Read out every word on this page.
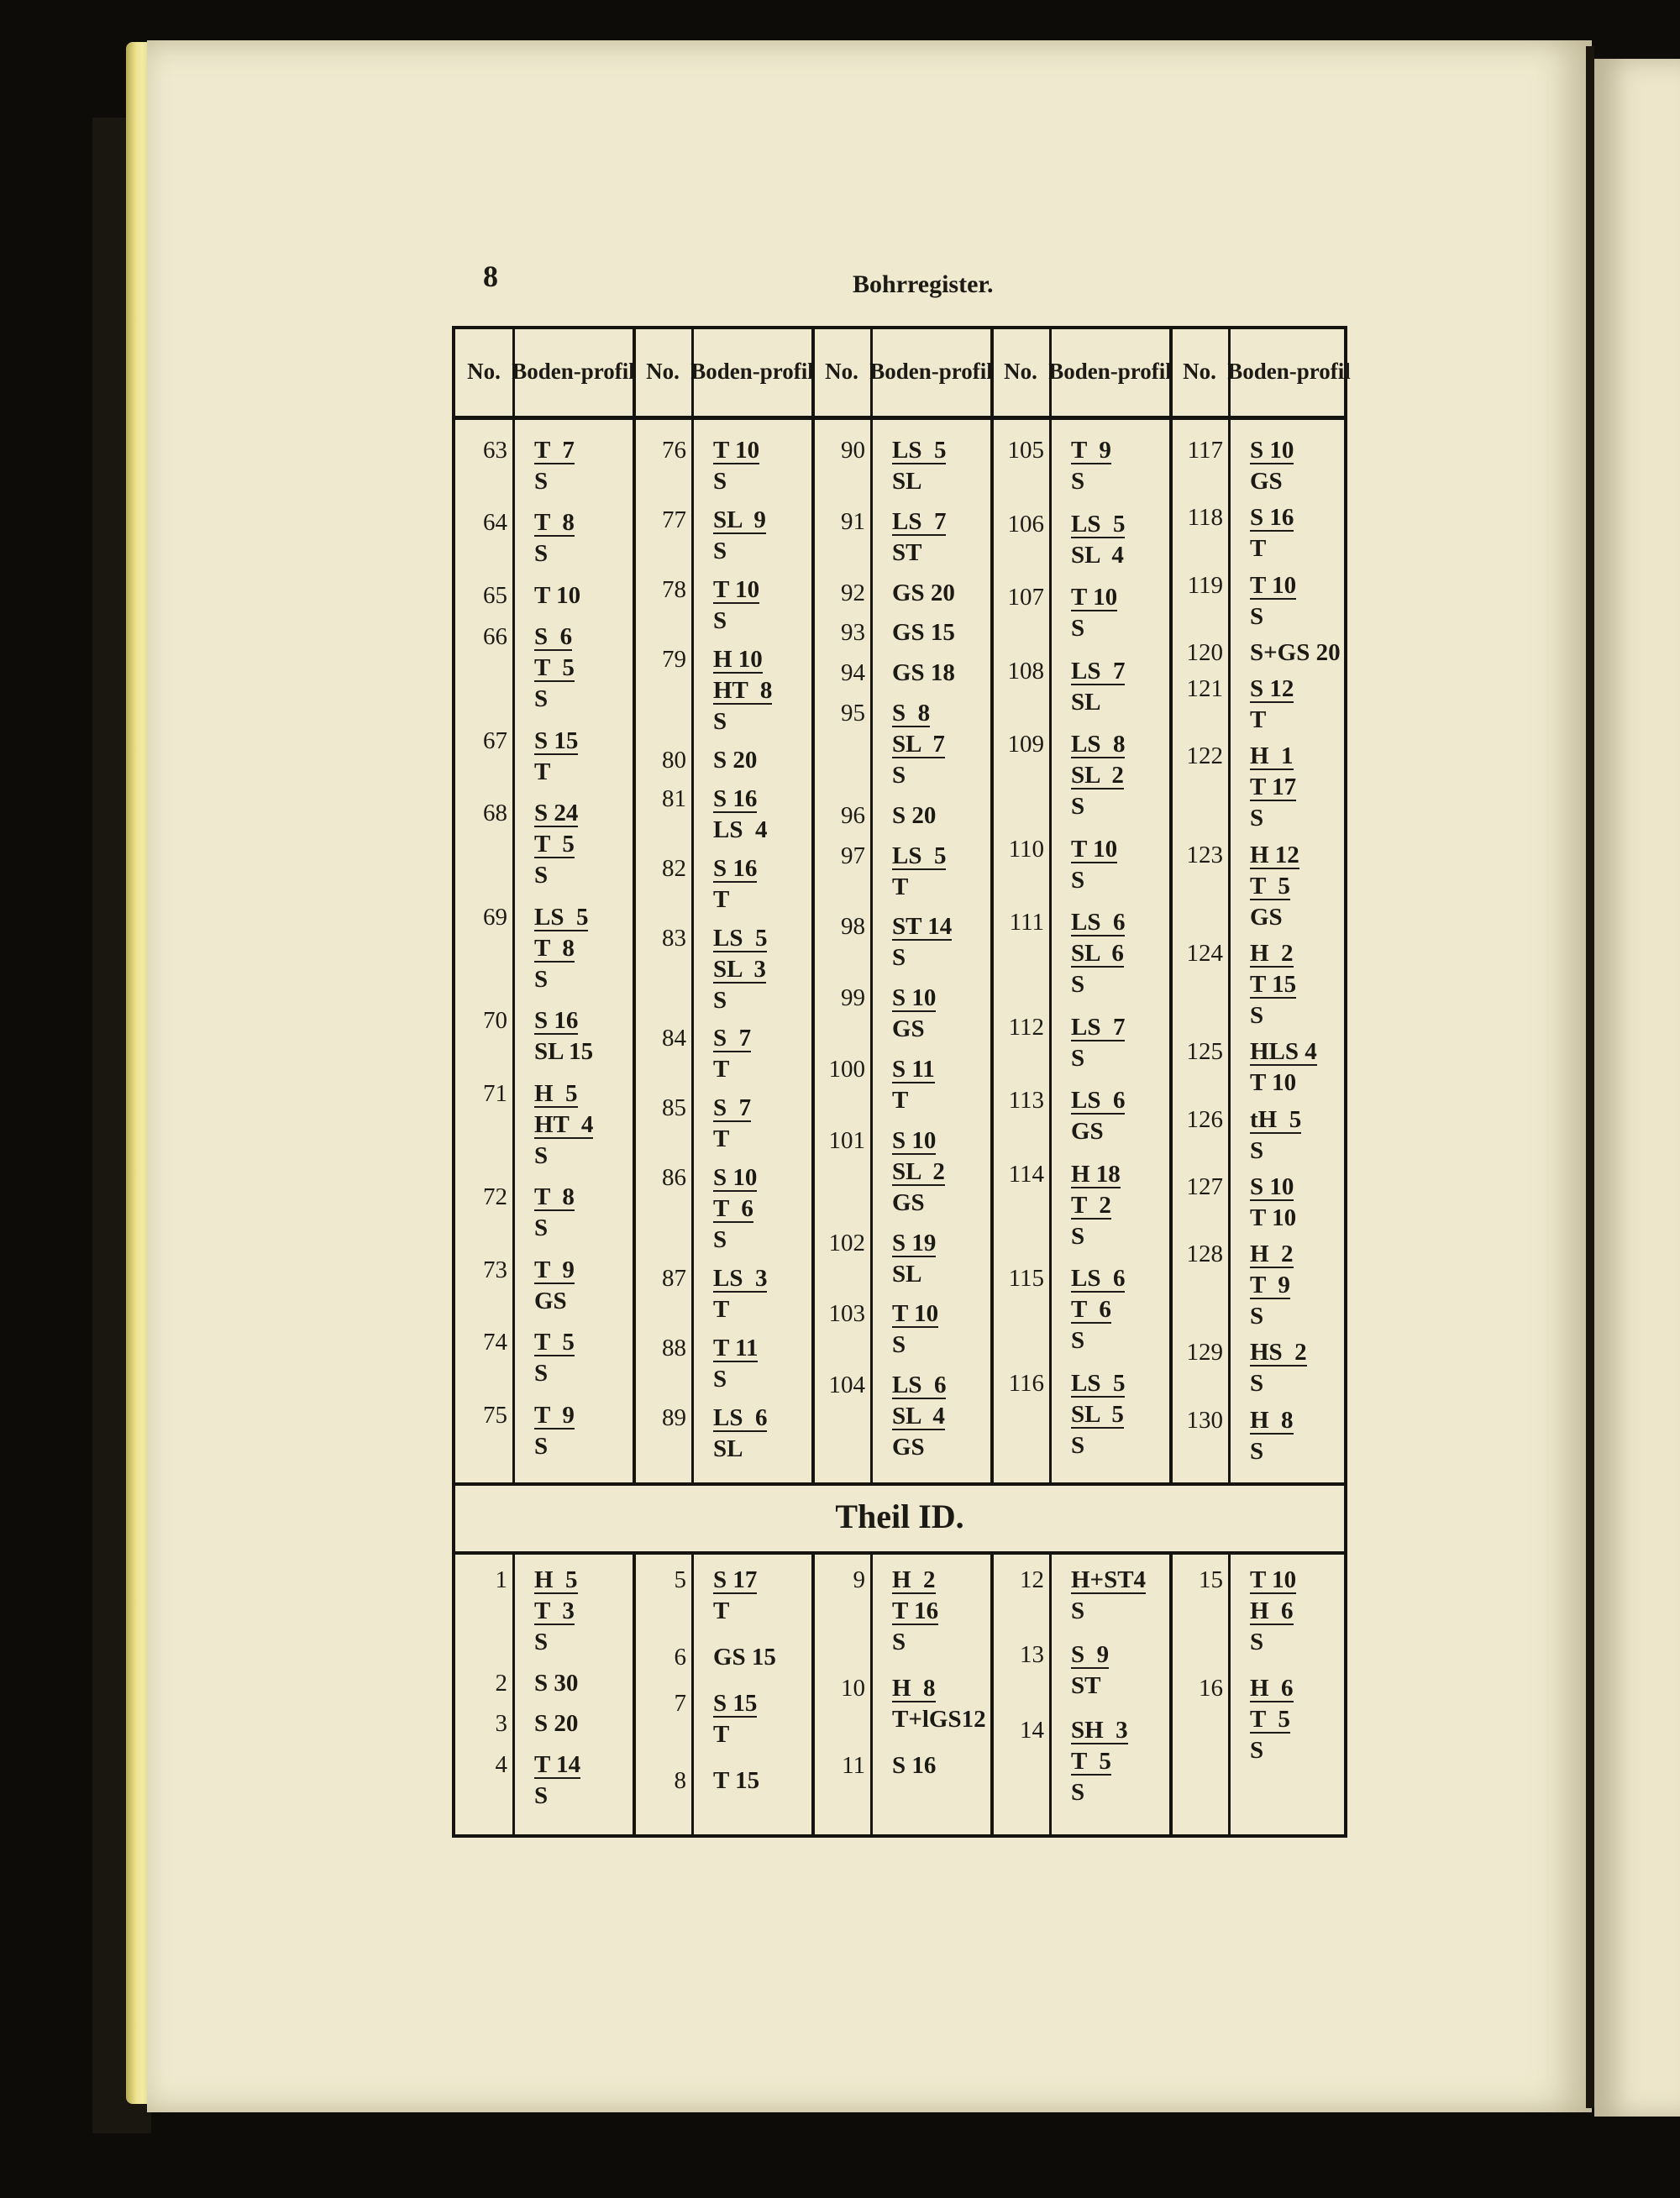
8	Bohrregister.
No. Boden- profil No. Boden- profil No. Boden- profil No. Boden- profil No. Boden- profil
Theil ID.
63 T  7
S
64 T  8
S
65 T 10
66 S  6
T  5
S
67 S 15
T
68 S 24
T  5
S
69 LS  5
T  8
S
70 S 16
SL 15
71 H  5
HT  4
S
72 T  8
S
73 T  9
GS
74 T  5
S
75 T  9
S
76 T 10
S
77 SL  9
S
78 T 10
S
79 H 10
HT  8
S
80 S 20
81 S 16
LS  4
82 S 16
T
83 LS  5
SL  3
S
84 S  7
T
85 S  7
T
86 S 10
T  6
S
87 LS  3
T
88 T 11
S
89 LS  6
SL
90 LS  5
SL
91 LS  7
ST
92 GS 20
93 GS 15
94 GS 18
95 S  8
SL  7
S
96 S 20
97 LS  5
T
98 ST 14
S
99 S 10
GS
100 S 11
T
101 S 10
SL  2
GS
102 S 19
SL
103 T 10
S
104 LS  6
SL  4
GS
105 T  9
S
106 LS  5
SL  4
107 T 10
S
108 LS  7
SL
109 LS  8
SL  2
S
110 T 10
S
111 LS  6
SL  6
S
112 LS  7
S
113 LS  6
GS
114 H 18
T  2
S
115 LS  6
T  6
S
116 LS  5
SL  5
S
117 S 10
GS
118 S 16
T
119 T 10
S
120 S+GS 20
121 S 12
T
122 H  1
T 17
S
123 H 12
T  5
GS
124 H  2
T 15
S
125 HLS 4
T 10
126 tH  5
S
127 S 10
T 10
128 H  2
T  9
S
129 HS  2
S
130 H  8
S
1 H  5
T  3
S
2 S 30
3 S 20
4 T 14
S
5 S 17
T
6 GS 15
7 S 15
T
8 T 15
9 H  2
T 16
S
10 H  8
T+lGS12
11 S 16
12 H+ST4
S
13 S  9
ST
14 SH  3
T  5
S
15 T 10
H  6
S
16 H  6
T  5
S
